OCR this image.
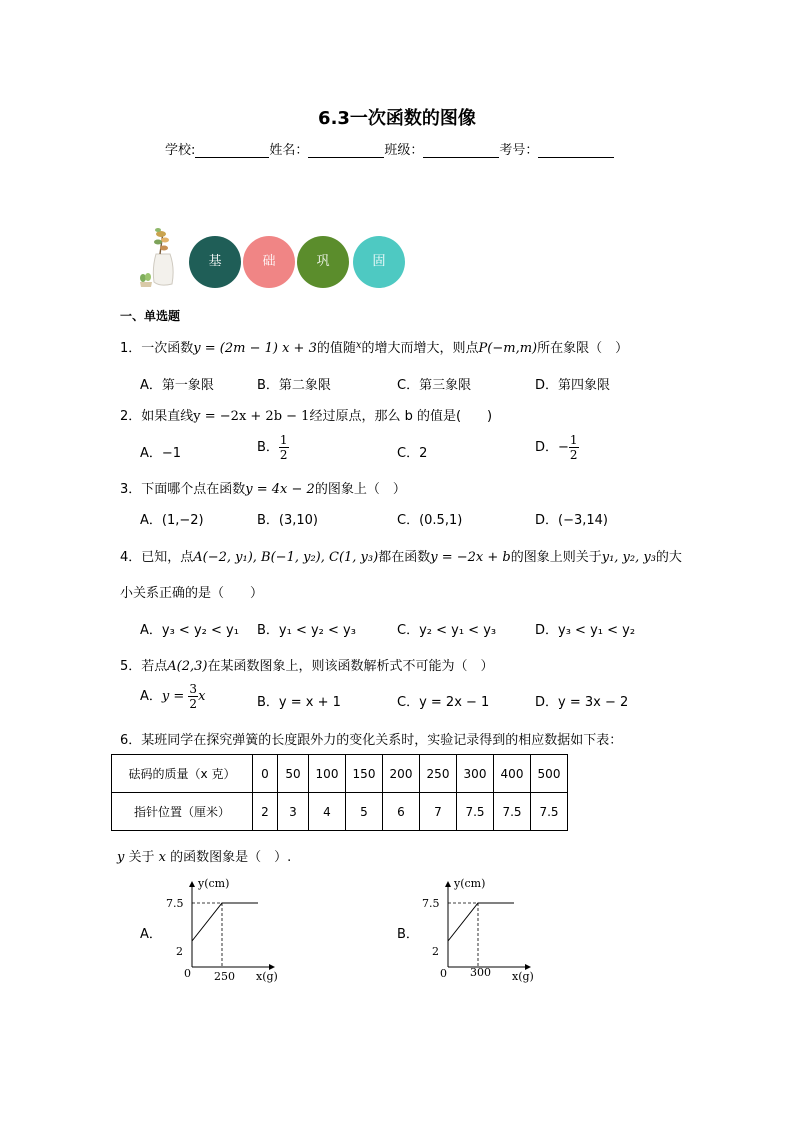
6.3一次函数的图像
学校:	姓名：	班级：	考号：
基	础	巩	固
一、单选题
1．一次函数y = (2m − 1) x + 3的值随$^x$的增大而增大，则点P(−m,m)所在象限（　）
A．第一象限	B．第二象限	C．第三象限	D．第四象限
2．如果直线y = −2x + 2b − 1经过原点，那么 b 的值是(　　)
A．−1	B． $\frac{1}{2}$	C．2	D．− $\frac{1}{2}$
3．下面哪个点在函数y = 4x − 2的图象上（　）
A．(1,−2)	B．(3,10)	C．(0.5,1)	D．(−3,14)
4．已知，点A(−2, y₁), B(−1, y₂), C(1, y₃)都在函数y = −2x + b的图象上则关于y₁, y₂, y₃的大
小关系正确的是（　　）
A．y₃ < y₂ < y₁ B．y₁ < y₂ < y₃	C．y₂ < y₁ < y₃	D．y₃ < y₁ < y₂
5．若点A(2,3)在某函数图象上，则该函数解析式不可能为（　）
A．$y = \frac{3}{2}$ x	B．y = x + 1	C．y = 2x − 1	D．y = 3x − 2
6．某班同学在探究弹簧的长度跟外力的变化关系时，实验记录得到的相应数据如下表：
砝码的质量（x 克）	0	50	100	150	200	250	300	400	500
指针位置（厘米）	2	3	4	5	6	7	7.5	7.5	7.5
y 关于 x 的函数图象是（　）.
A．
y(cm)
x(g)
7.5
2
0 250
B．
y(cm)
x(g)
7.5
2
0 300
